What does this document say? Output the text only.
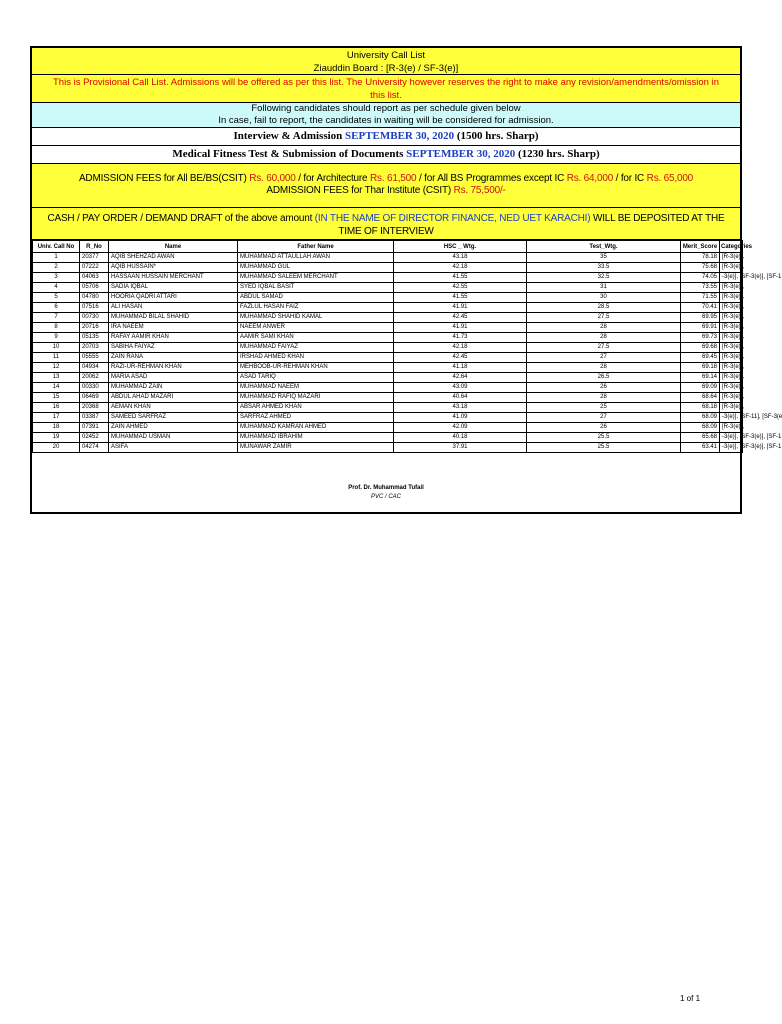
University Call List
Ziauddin Board : [R-3(e) / SF-3(e)]
This is Provisional Call List. Admissions will be offered as per this list. The University however reserves the right to make any revision/amendments/omission in this list.
Following candidates should report as per schedule given below
In case, fail to report, the candidates in waiting will be considered for admission.
Interview & Admission SEPTEMBER 30, 2020 (1500 hrs. Sharp)
Medical Fitness Test & Submission of Documents SEPTEMBER 30, 2020 (1230 hrs. Sharp)
ADMISSION FEES for All BE/BS(CSIT) Rs. 60,000 / for Architecture Rs. 61,500 / for All BS Programmes except IC Rs. 64,000 / for IC Rs. 65,000
ADMISSION FEES for Thar Institute (CSIT) Rs. 75,500/-
CASH / PAY ORDER / DEMAND DRAFT of the above amount (IN THE NAME OF DIRECTOR FINANCE, NED UET KARACHI) WILL BE DEPOSITED AT THE TIME OF INTERVIEW
Univ. Call No	R_No	Name	Father Name	HSC _ Wtg.	Test_Wtg.	Merit_Score	Categories
1	20377	AQIB SHEHZAD AWAN	MUHAMMAD ATTAULLAH AWAN	43.18	35	78.18	[R-3(e)],
2	07222	AQIB HUSSAIN*	MUHAMMAD GUL	42.18	33.5	75.68	[R-3(e)],
3	04063	HASSAAN HUSSAIN MERCHANT	MUHAMMAD SALEEM MERCHANT	41.55	32.5	74.05	-3(e)], [SF-3(e)], [SF-1
4	05706	SADIA IQBAL	SYED IQBAL BASIT	42.55	31	73.55	[R-3(e)],
5	04780	HOORIA QADRI ATTARI	ABDUL SAMAD	41.55	30	71.55	[R-3(e)],
6	07516	ALI HASAN	FAZLUL HASAN FAIZ	41.91	28.5	70.41	[R-3(e)],
7	00730	MUHAMMAD BILAL SHAHID	MUHAMMAD SHAHID KAMAL	42.45	27.5	69.95	[R-3(e)],
8	20716	IRA NAEEM	NAEEM ANWER	41.91	28	69.91	[R-3(e)],
9	05135	RAFAY AAMIR KHAN	AAMIR SAMI KHAN	41.73	28	69.73	[R-3(e)],
10	20703	SABIHA FAIYAZ	MUHAMMAD FAIYAZ	42.18	27.5	69.68	[R-3(e)],
11	05555	ZAIN RANA	IRSHAD AHMED KHAN	42.45	27	69.45	[R-3(e)],
12	04934	RAZI-UR-REHMAN KHAN	MEHBOOB-UR-REHMAN KHAN	41.18	28	69.18	[R-3(e)],
13	20062	MARIA ASAD	ASAD TARIQ	42.64	26.5	69.14	[R-3(e)],
14	00330	MUHAMMAD ZAIN	MUHAMMAD NAEEM	43.09	26	69.09	[R-3(e)],
15	06469	ABDUL AHAD MAZARI	MUHAMMAD RAFIQ MAZARI	40.64	28	68.64	[R-3(e)],
16	20368	AEMAN KHAN	ABSAR AHMED KHAN	43.18	25	68.18	[R-3(e)],
17	03387	SAMEED SARFRAZ	SARFRAZ AHMED	41.09	27	68.09	-3(e)], [SF-11], [SF-3(e
18	07391	ZAIN AHMED	MUHAMMAD KAMRAN AHMED	42.09	26	68.09	[R-3(e)],
19	02452	MUHAMMAD USMAN	MUHAMMAD IBRAHIM	40.18	25.5	65.68	-3(e)], [SF-3(e)], [SF-1
20	04274	ASIFA	MUNAWAR ZAMIR	37.91	25.5	63.41	-3(e)], [SF-3(e)], [SF-1
Prof. Dr. Muhammad Tufail
PVC / CAC
1 of 1
